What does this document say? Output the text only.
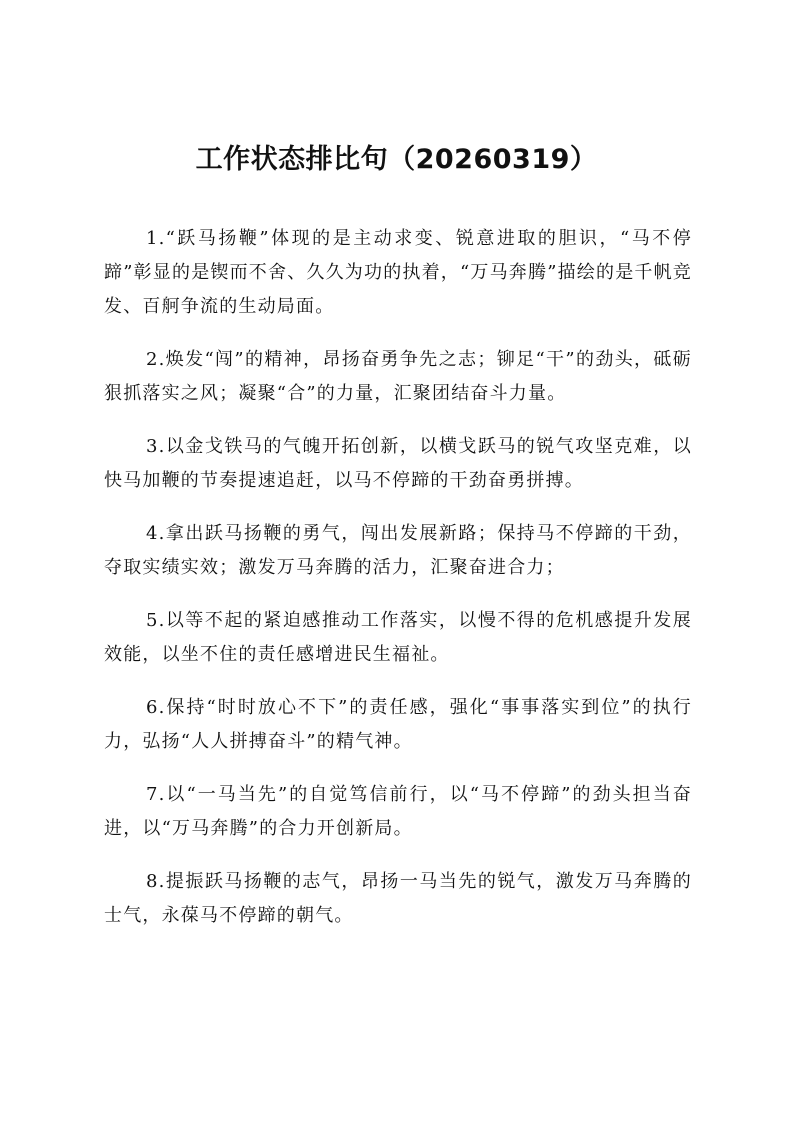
工作状态排比句（20260319）

1.“跃马扬鞭”体现的是主动求变、锐意进取的胆识，“马不停蹄”彰显的是锲而不舍、久久为功的执着，“万马奔腾”描绘的是千帆竞发、百舸争流的生动局面。

2.焕发“闯”的精神，昂扬奋勇争先之志；铆足“干”的劲头，砥砺狠抓落实之风；凝聚“合”的力量，汇聚团结奋斗力量。

3.以金戈铁马的气魄开拓创新，以横戈跃马的锐气攻坚克难，以快马加鞭的节奏提速追赶，以马不停蹄的干劲奋勇拼搏。

4.拿出跃马扬鞭的勇气，闯出发展新路；保持马不停蹄的干劲，夺取实绩实效；激发万马奔腾的活力，汇聚奋进合力；

5.以等不起的紧迫感推动工作落实，以慢不得的危机感提升发展效能，以坐不住的责任感增进民生福祉。

6.保持“时时放心不下”的责任感，强化“事事落实到位”的执行力，弘扬“人人拼搏奋斗”的精气神。

7.以“一马当先”的自觉笃信前行，以“马不停蹄”的劲头担当奋进，以“万马奔腾”的合力开创新局。

8.提振跃马扬鞭的志气，昂扬一马当先的锐气，激发万马奔腾的士气，永葆马不停蹄的朝气。
